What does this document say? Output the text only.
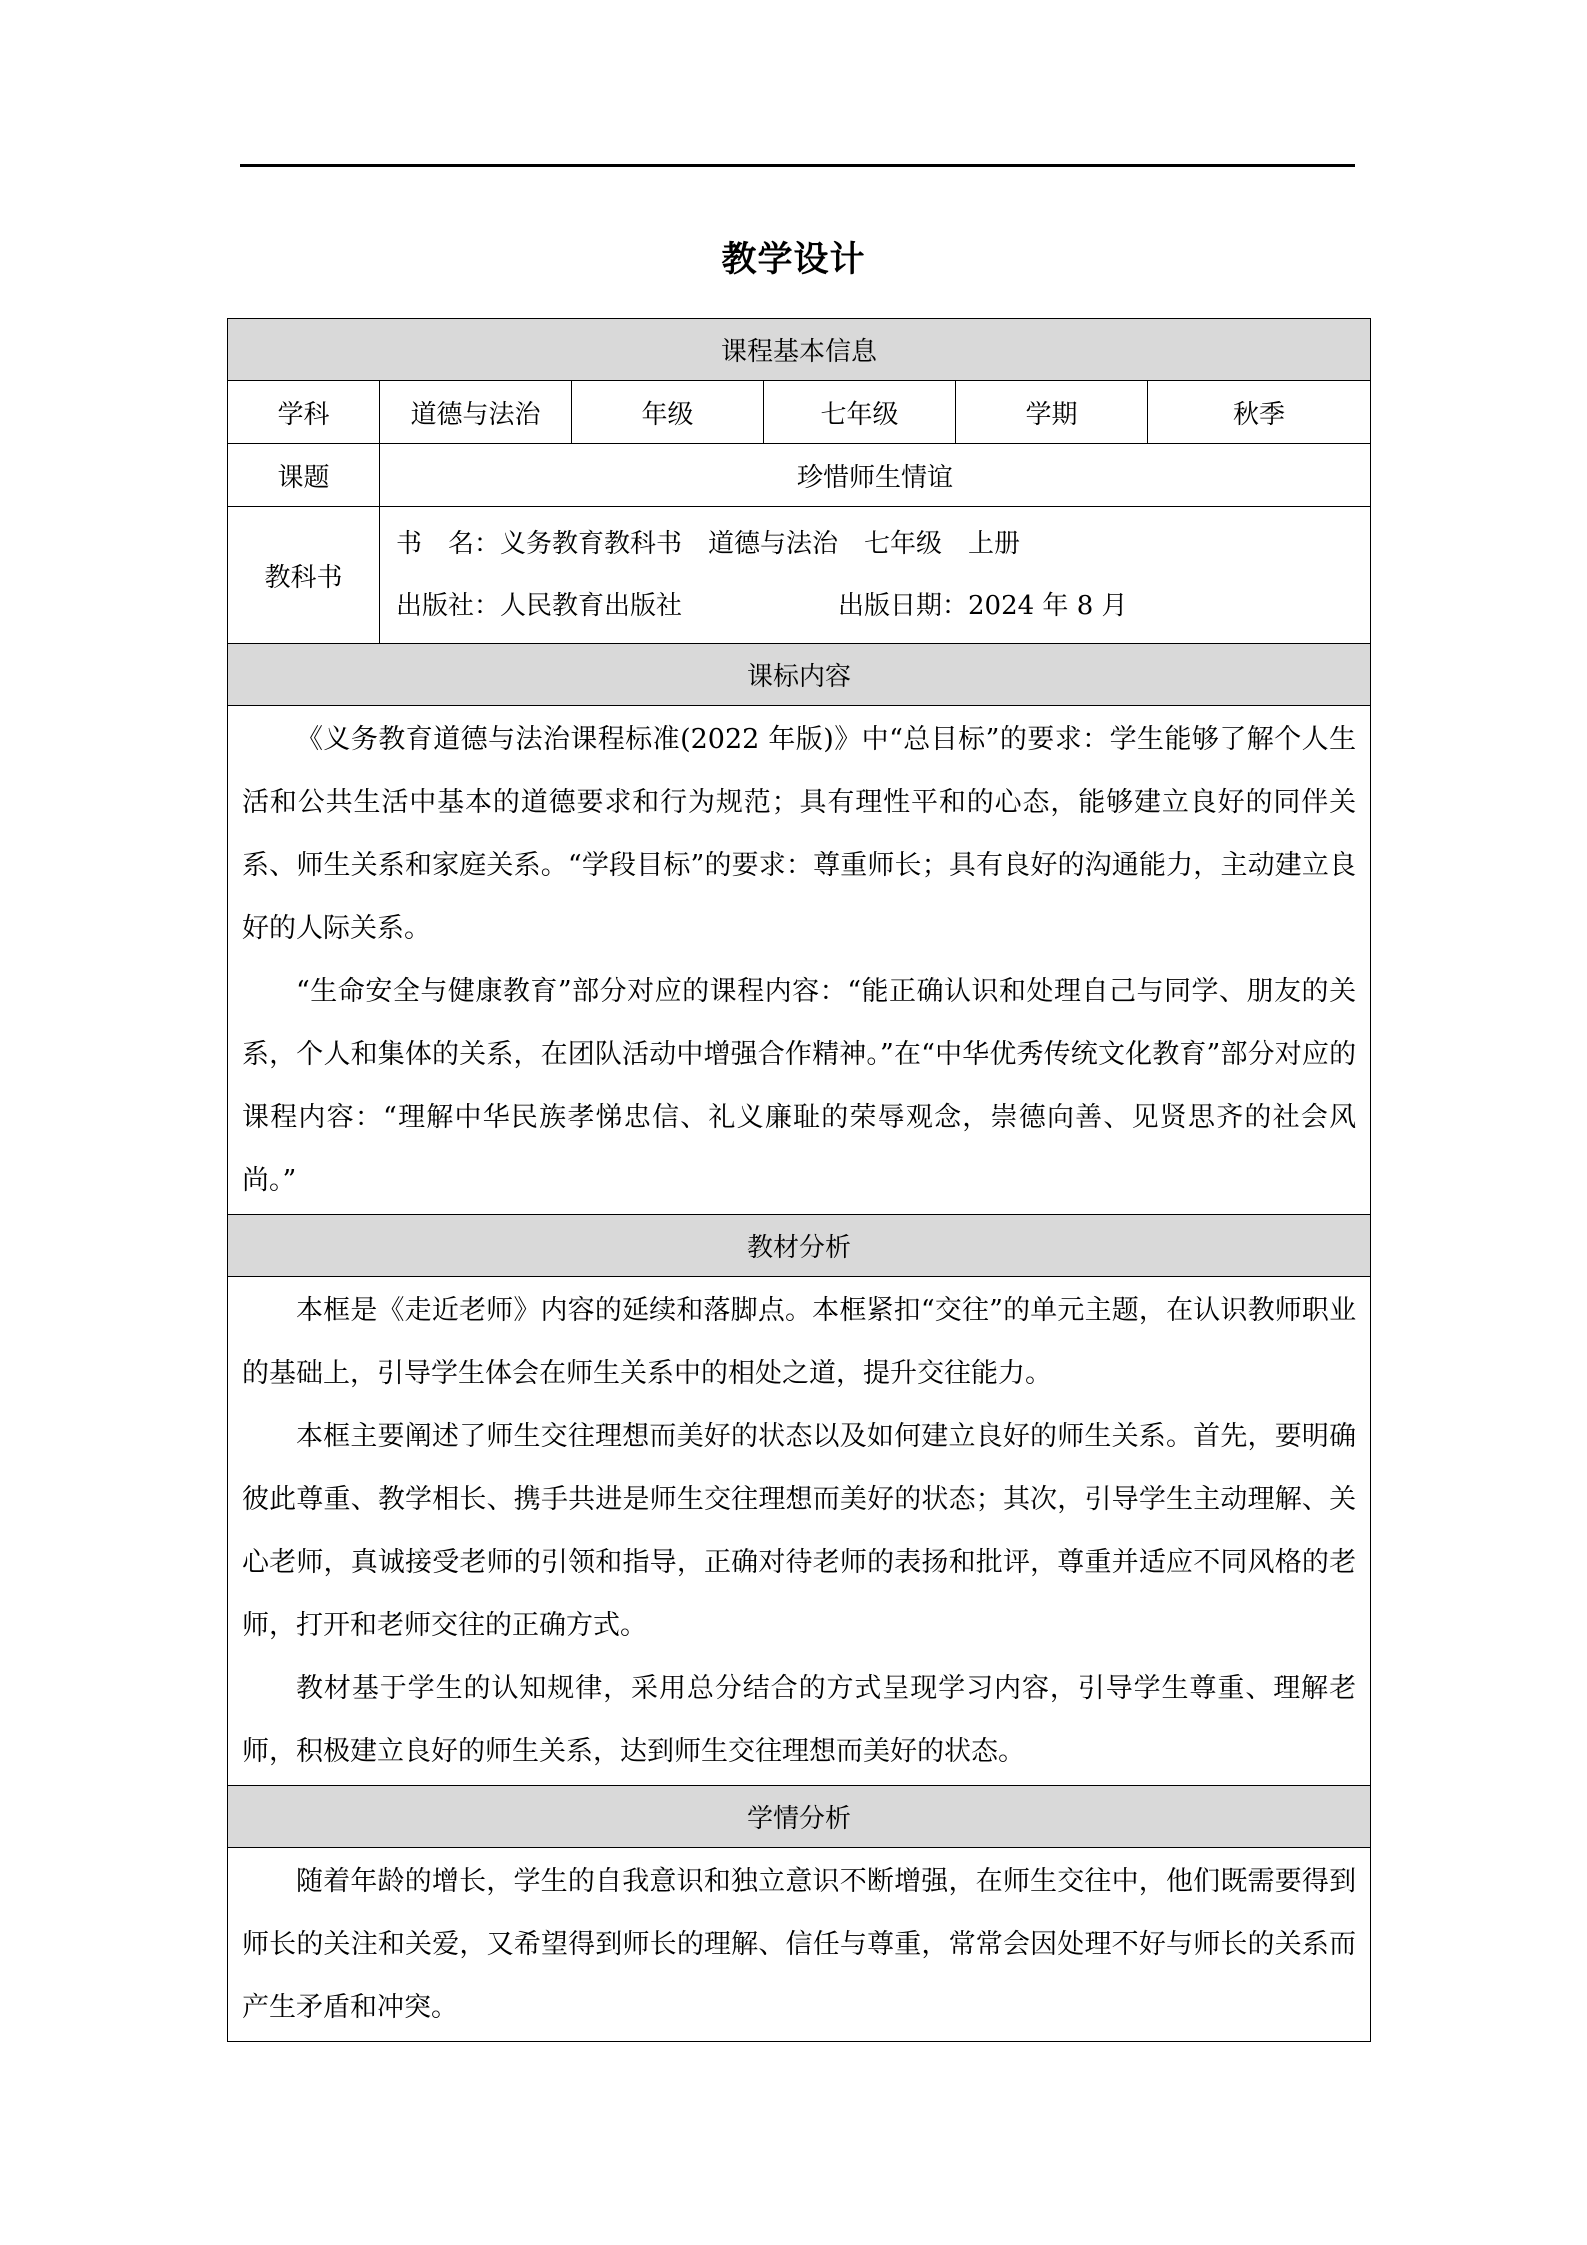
教学设计
课程基本信息					
学科	道德与法治	年级	七年级	学期	秋季
课题	珍惜师生情谊				
教科书	书　名：义务教育教科书　道德与法治　七年级　上册
出版社：人民教育出版社　　　　　　出版日期：2024 年 8 月				

课标内容					

《义务教育道德与法治课程标准(2022 年版)》中“总目标”的要求：学生能够了解个人生活和公共生活中基本的道德要求和行为规范；具有理性平和的心态，能够建立良好的同伴关系、师生关系和家庭关系。“学段目标”的要求：尊重师长；具有良好的沟通能力，主动建立良好的人际关系。

“生命安全与健康教育”部分对应的课程内容：“能正确认识和处理自己与同学、朋友的关系，个人和集体的关系，在团队活动中增强合作精神。”在“中华优秀传统文化教育”部分对应的课程内容：“理解中华民族孝悌忠信、礼义廉耻的荣辱观念，崇德向善、见贤思齐的社会风尚。”					

教材分析					

本框是《走近老师》内容的延续和落脚点。本框紧扣“交往”的单元主题，在认识教师职业的基础上，引导学生体会在师生关系中的相处之道，提升交往能力。

本框主要阐述了师生交往理想而美好的状态以及如何建立良好的师生关系。首先，要明确彼此尊重、教学相长、携手共进是师生交往理想而美好的状态；其次，引导学生主动理解、关心老师，真诚接受老师的引领和指导，正确对待老师的表扬和批评，尊重并适应不同风格的老师，打开和老师交往的正确方式。

教材基于学生的认知规律，采用总分结合的方式呈现学习内容，引导学生尊重、理解老师，积极建立良好的师生关系，达到师生交往理想而美好的状态。					

学情分析					

随着年龄的增长，学生的自我意识和独立意识不断增强，在师生交往中，他们既需要得到师长的关注和关爱，又希望得到师长的理解、信任与尊重，常常会因处理不好与师长的关系而产生矛盾和冲突。					
